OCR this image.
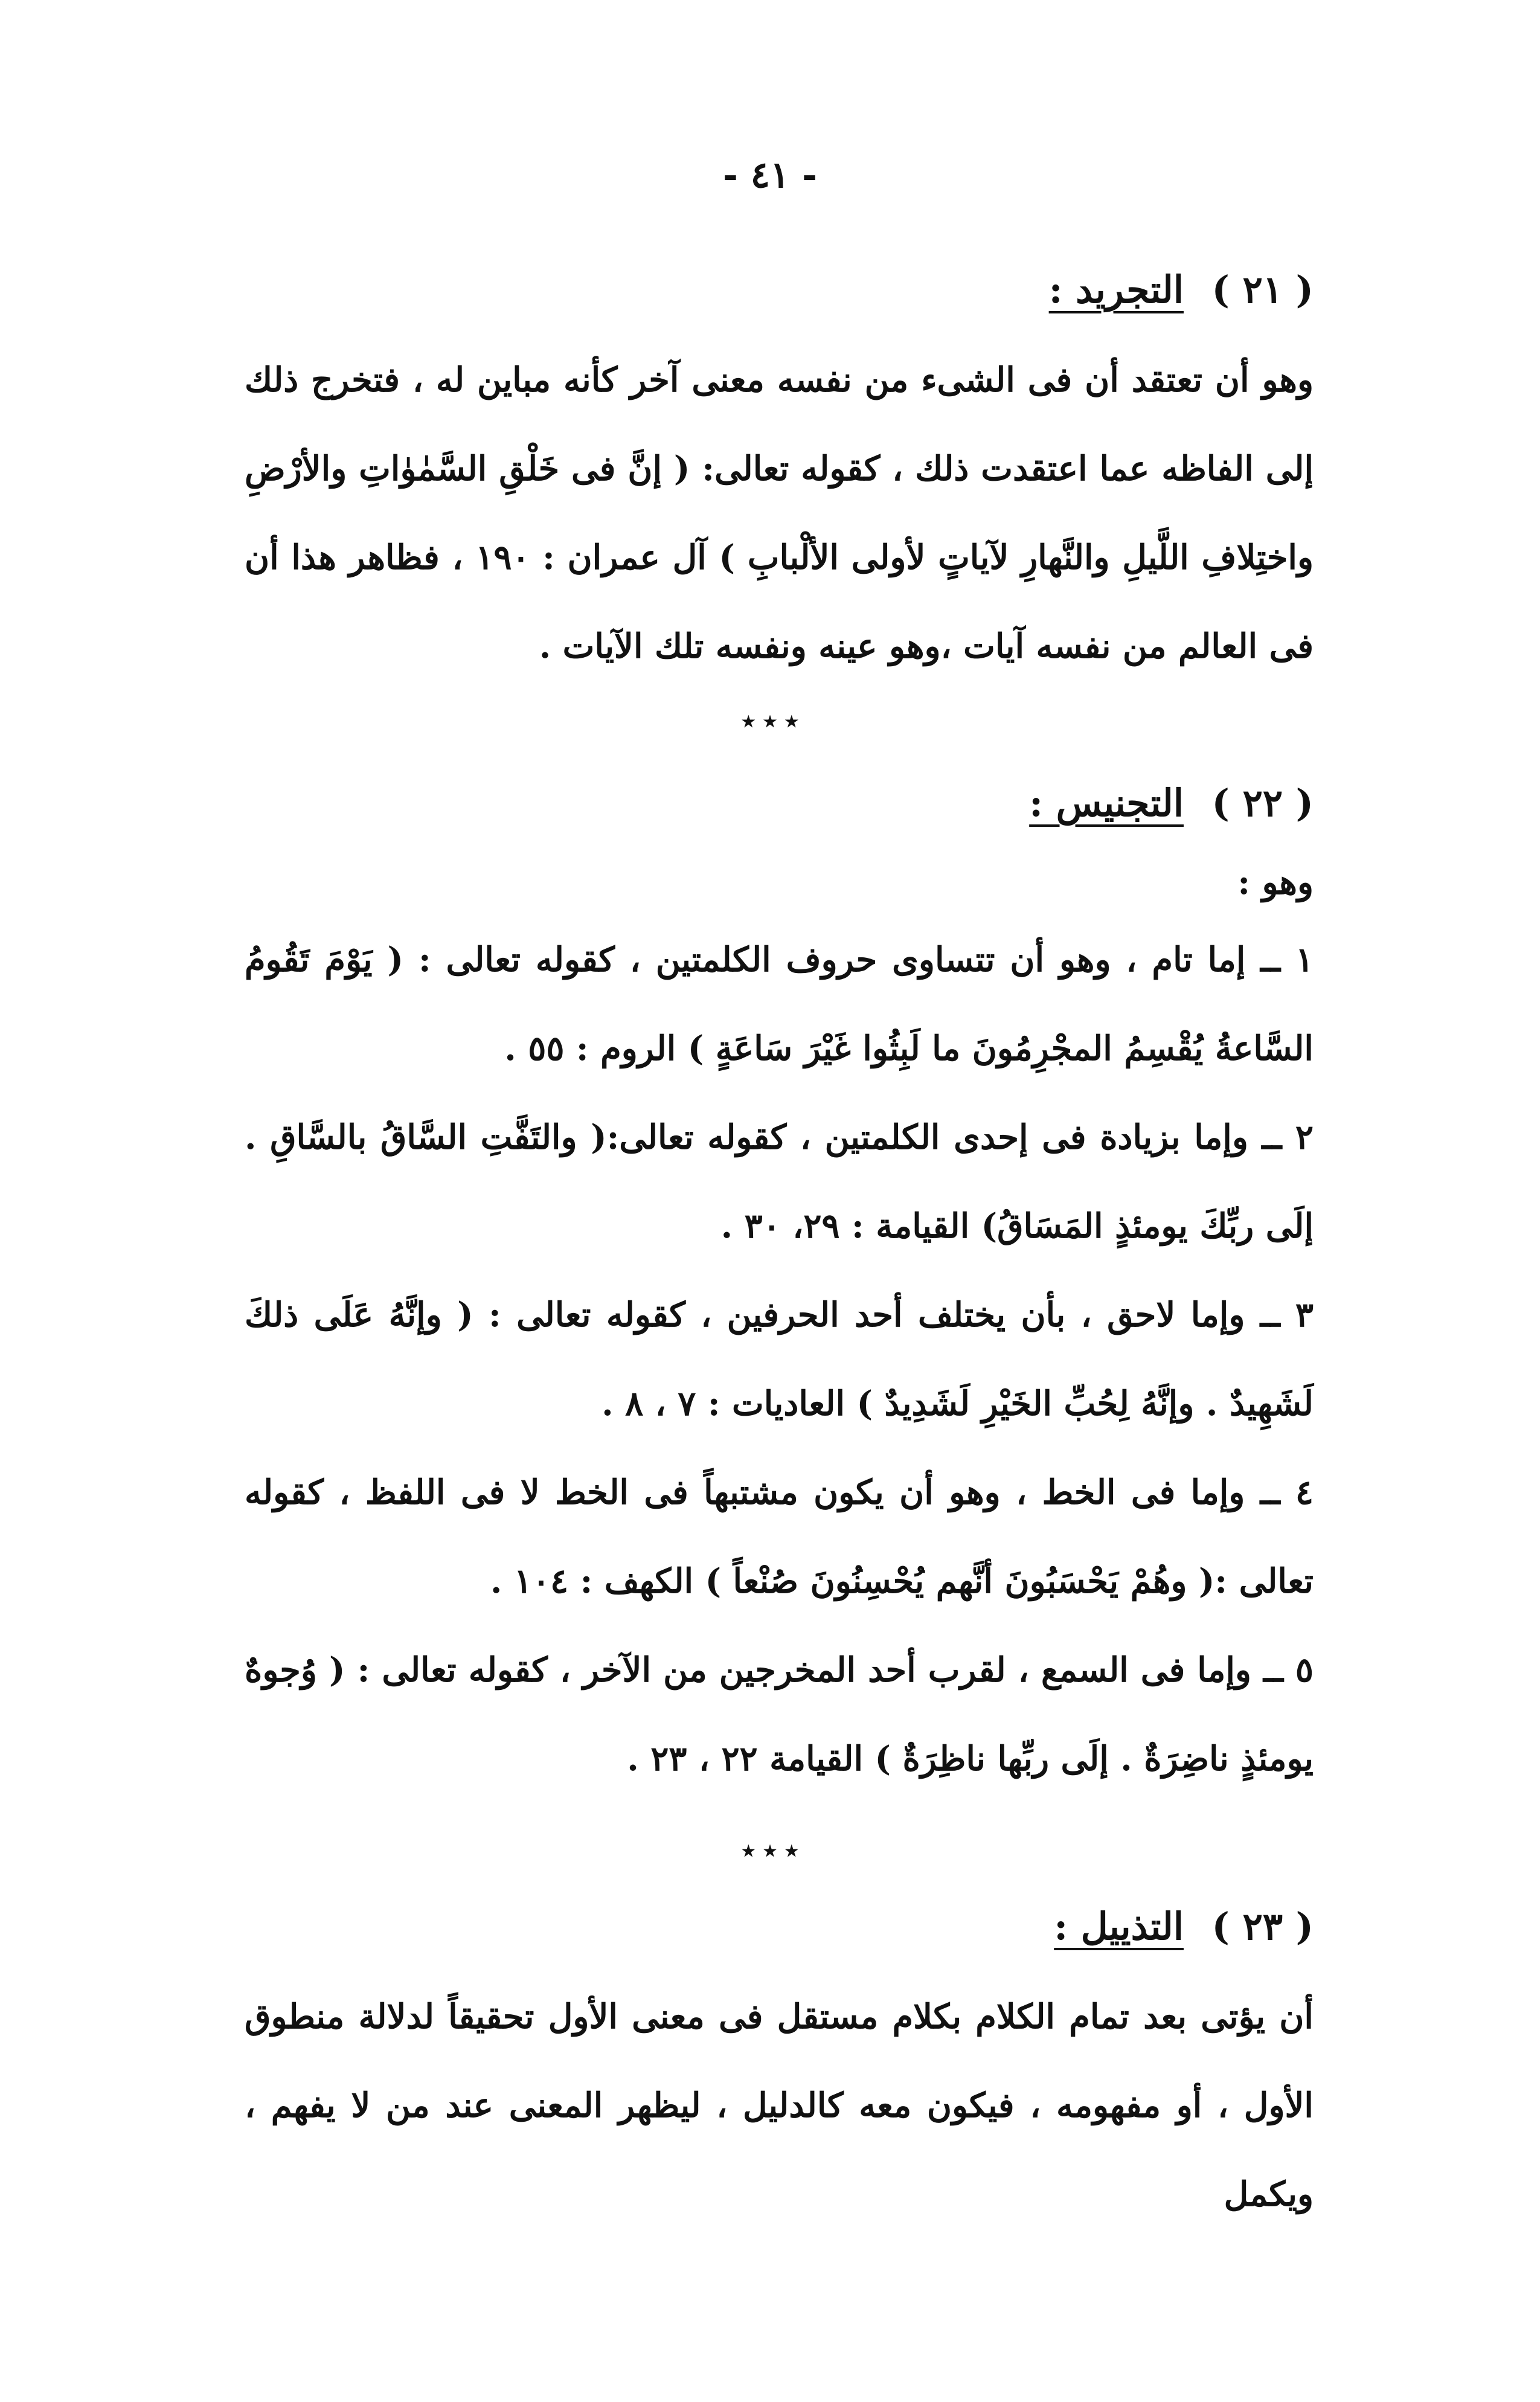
- ٤١ -
( ٢١ ) التجريد :

وهو أن تعتقد أن فى الشىء من نفسه معنى آخر كأنه مباين له ، فتخرج ذلك إلى الفاظه عما اعتقدت ذلك ، كقوله تعالى: ( إنَّ فى خَلْقِ السَّمٰوٰاتِ والأرْضِ واختِلافِ اللَّيلِ والنَّهارِ لآياتٍ لأولى الألْبابِ ) آل عمران : ١٩٠ ، فظاهر هذا أن فى العالم من نفسه آيات ،وهو عينه ونفسه تلك الآيات .

٭ ٭ ٭
( ٢٢ ) التجنيس :

وهو :

١ ــ إما تام ، وهو أن تتساوى حروف الكلمتين ، كقوله تعالى : ( يَوْمَ تَقُومُ السَّاعةُ يُقْسِمُ المجْرِمُونَ ما لَبِثُوا غَيْرَ سَاعَةٍ ) الروم : ٥٥ .

٢ ــ وإما بزيادة فى إحدى الكلمتين ، كقوله تعالى:( والتَفَّتِ السَّاقُ بالسَّاقِ . إلَى ربِّكَ يومئذٍ المَسَاقُ) القيامة : ٢٩، ٣٠ .

٣ ــ وإما لاحق ، بأن يختلف أحد الحرفين ، كقوله تعالى : ( وإنَّهُ عَلَى ذلكَ لَشَهِيدٌ . وإنَّهُ لِحُبِّ الخَيْرِ لَشَدِيدٌ ) العاديات : ٧ ، ٨ .

٤ ــ وإما فى الخط ، وهو أن يكون مشتبهاً فى الخط لا فى اللفظ ، كقوله تعالى :( وهُمْ يَحْسَبُونَ أنَّهم يُحْسِنُونَ صُنْعاً ) الكهف : ١٠٤ .

٥ ــ وإما فى السمع ، لقرب أحد المخرجين من الآخر ، كقوله تعالى : ( وُجوهٌ يومئذٍ ناضِرَةٌ . إلَى ربِّها ناظِرَةٌ ) القيامة ٢٢ ، ٢٣ .

٭ ٭ ٭
( ٢٣ ) التذييل :

أن يؤتى بعد تمام الكلام بكلام مستقل فى معنى الأول تحقيقاً لدلالة منطوق الأول ، أو مفهومه ، فيكون معه كالدليل ، ليظهر المعنى عند من لا يفهم ، ويكمل
